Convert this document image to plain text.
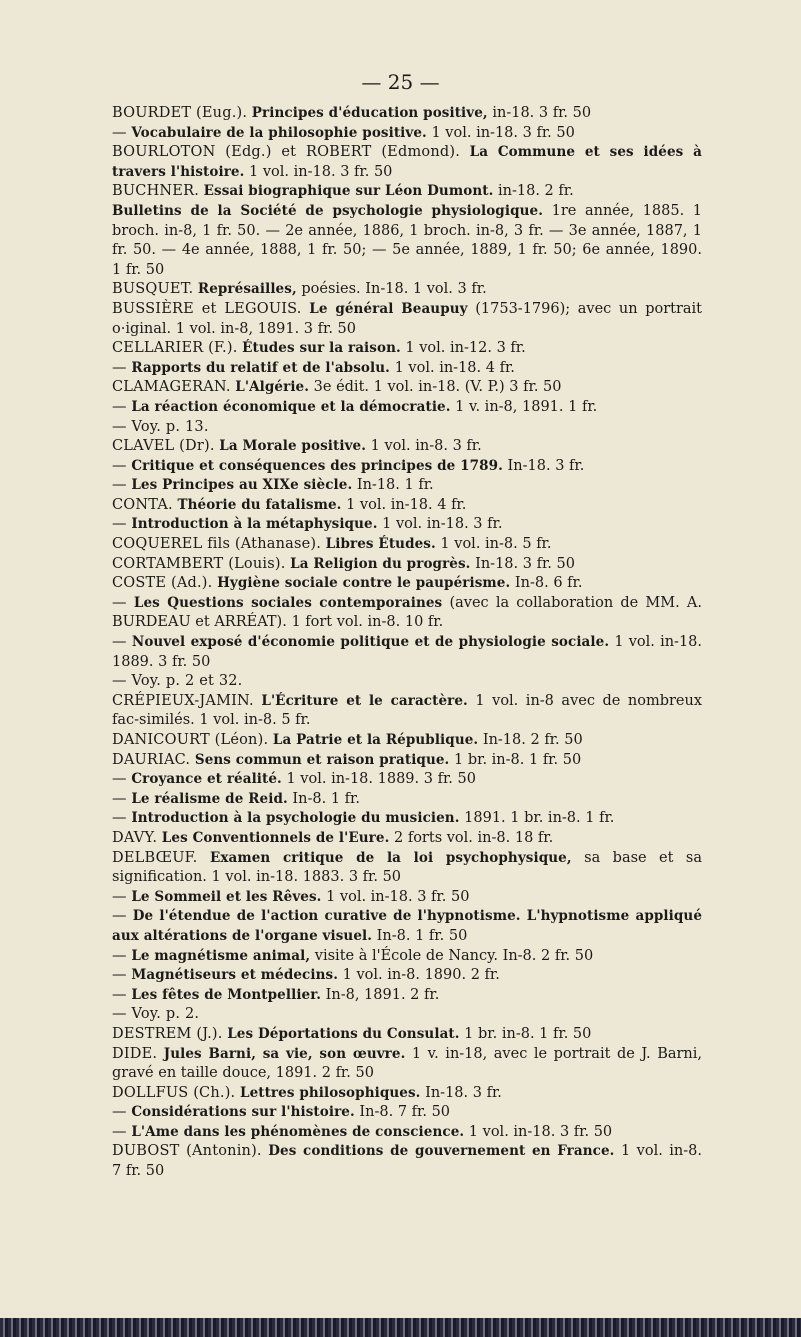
— 25 —

BOURDET (Eug.). Principes d'éducation positive, in-18. 3 fr. 50

— Vocabulaire de la philosophie positive. 1 vol. in-18. 3 fr. 50

BOURLOTON (Edg.) et ROBERT (Edmond). La Commune et ses idées à travers l'histoire. 1 vol. in-18. 3 fr. 50

BUCHNER. Essai biographique sur Léon Dumont. in-18. 2 fr.

Bulletins de la Société de psychologie physiologique. 1re année, 1885. 1 broch. in-8, 1 fr. 50. — 2e année, 1886, 1 broch. in-8, 3 fr. — 3e année, 1887, 1 fr. 50. — 4e année, 1888, 1 fr. 50; — 5e année, 1889, 1 fr. 50; 6e année, 1890. 1 fr. 50

BUSQUET. Représailles, poésies. In-18. 1 vol. 3 fr.

BUSSIÈRE et LEGOUIS. Le général Beaupuy (1753-1796); avec un portrait o·iginal. 1 vol. in-8, 1891. 3 fr. 50

CELLARIER (F.). Études sur la raison. 1 vol. in-12. 3 fr.

— Rapports du relatif et de l'absolu. 1 vol. in-18. 4 fr.

CLAMAGERAN. L'Algérie. 3e édit. 1 vol. in-18. (V. P.) 3 fr. 50

— La réaction économique et la démocratie. 1 v. in-8, 1891. 1 fr.

— Voy. p. 13.

CLAVEL (Dr). La Morale positive. 1 vol. in-8. 3 fr.

— Critique et conséquences des principes de 1789. In-18. 3 fr.

— Les Principes au XIXe siècle. In-18. 1 fr.

CONTA. Théorie du fatalisme. 1 vol. in-18. 4 fr.

— Introduction à la métaphysique. 1 vol. in-18. 3 fr.

COQUEREL fils (Athanase). Libres Études. 1 vol. in-8. 5 fr.

CORTAMBERT (Louis). La Religion du progrès. In-18. 3 fr. 50

COSTE (Ad.). Hygiène sociale contre le paupérisme. In-8. 6 fr.

— Les Questions sociales contemporaines (avec la collaboration de MM. A. BURDEAU et ARRÉAT). 1 fort vol. in-8. 10 fr.

— Nouvel exposé d'économie politique et de physiologie sociale. 1 vol. in-18. 1889. 3 fr. 50

— Voy. p. 2 et 32.

CRÉPIEUX-JAMIN. L'Écriture et le caractère. 1 vol. in-8 avec de nombreux fac-similés. 1 vol. in-8. 5 fr.

DANICOURT (Léon). La Patrie et la République. In-18. 2 fr. 50

DAURIAC. Sens commun et raison pratique. 1 br. in-8. 1 fr. 50

— Croyance et réalité. 1 vol. in-18. 1889. 3 fr. 50

— Le réalisme de Reid. In-8. 1 fr.

— Introduction à la psychologie du musicien. 1891. 1 br. in-8. 1 fr.

DAVY. Les Conventionnels de l'Eure. 2 forts vol. in-8. 18 fr.

DELBŒUF. Examen critique de la loi psychophysique, sa base et sa signification. 1 vol. in-18. 1883. 3 fr. 50

— Le Sommeil et les Rêves. 1 vol. in-18. 3 fr. 50

— De l'étendue de l'action curative de l'hypnotisme. L'hypnotisme appliqué aux altérations de l'organe visuel. In-8. 1 fr. 50

— Le magnétisme animal, visite à l'École de Nancy. In-8. 2 fr. 50

— Magnétiseurs et médecins. 1 vol. in-8. 1890. 2 fr.

— Les fêtes de Montpellier. In-8, 1891. 2 fr.

— Voy. p. 2.

DESTREM (J.). Les Déportations du Consulat. 1 br. in-8. 1 fr. 50

DIDE. Jules Barni, sa vie, son œuvre. 1 v. in-18, avec le portrait de J. Barni, gravé en taille douce, 1891. 2 fr. 50

DOLLFUS (Ch.). Lettres philosophiques. In-18. 3 fr.

— Considérations sur l'histoire. In-8. 7 fr. 50

— L'Ame dans les phénomènes de conscience. 1 vol. in-18. 3 fr. 50

DUBOST (Antonin). Des conditions de gouvernement en France. 1 vol. in-8. 7 fr. 50
